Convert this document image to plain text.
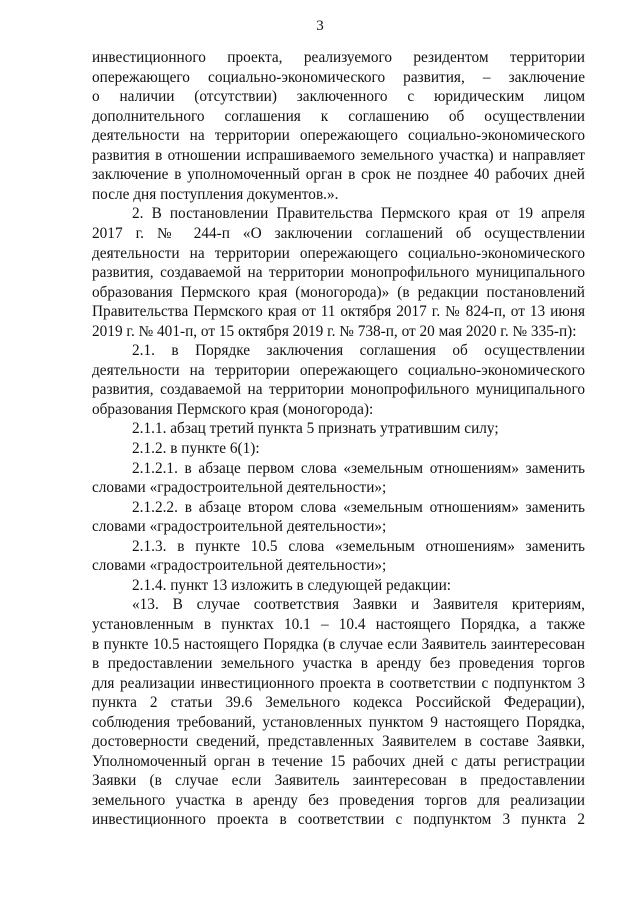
3
инвестиционного проекта, реализуемого резидентом территории
опережающего социально-экономического развития, – заключение
о наличии (отсутствии) заключенного с юридическим лицом
дополнительного соглашения к соглашению об осуществлении
деятельности на территории опережающего социально-экономического
развития в отношении испрашиваемого земельного участка) и направляет
заключение в уполномоченный орган в срок не позднее 40 рабочих дней
после дня поступления документов.».
2. В постановлении Правительства Пермского края от 19 апреля
2017 г. № 244-п «О заключении соглашений об осуществлении
деятельности на территории опережающего социально-экономического
развития, создаваемой на территории монопрофильного муниципального
образования Пермского края (моногорода)» (в редакции постановлений
Правительства Пермского края от 11 октября 2017 г. № 824-п, от 13 июня
2019 г. № 401-п, от 15 октября 2019 г. № 738-п, от 20 мая 2020 г. № 335-п):
2.1. в Порядке заключения соглашения об осуществлении
деятельности на территории опережающего социально-экономического
развития, создаваемой на территории монопрофильного муниципального
образования Пермского края (моногорода):
2.1.1. абзац третий пункта 5 признать утратившим силу;
2.1.2. в пункте 6(1):
2.1.2.1. в абзаце первом слова «земельным отношениям» заменить
словами «градостроительной деятельности»;
2.1.2.2. в абзаце втором слова «земельным отношениям» заменить
словами «градостроительной деятельности»;
2.1.3. в пункте 10.5 слова «земельным отношениям» заменить
словами «градостроительной деятельности»;
2.1.4. пункт 13 изложить в следующей редакции:
«13. В случае соответствия Заявки и Заявителя критериям,
установленным в пунктах 10.1 – 10.4 настоящего Порядка, а также
в пункте 10.5 настоящего Порядка (в случае если Заявитель заинтересован
в предоставлении земельного участка в аренду без проведения торгов
для реализации инвестиционного проекта в соответствии с подпунктом 3
пункта 2 статьи 39.6 Земельного кодекса Российской Федерации),
соблюдения требований, установленных пунктом 9 настоящего Порядка,
достоверности сведений, представленных Заявителем в составе Заявки,
Уполномоченный орган в течение 15 рабочих дней с даты регистрации
Заявки (в случае если Заявитель заинтересован в предоставлении
земельного участка в аренду без проведения торгов для реализации
инвестиционного проекта в соответствии с подпунктом 3 пункта 2
